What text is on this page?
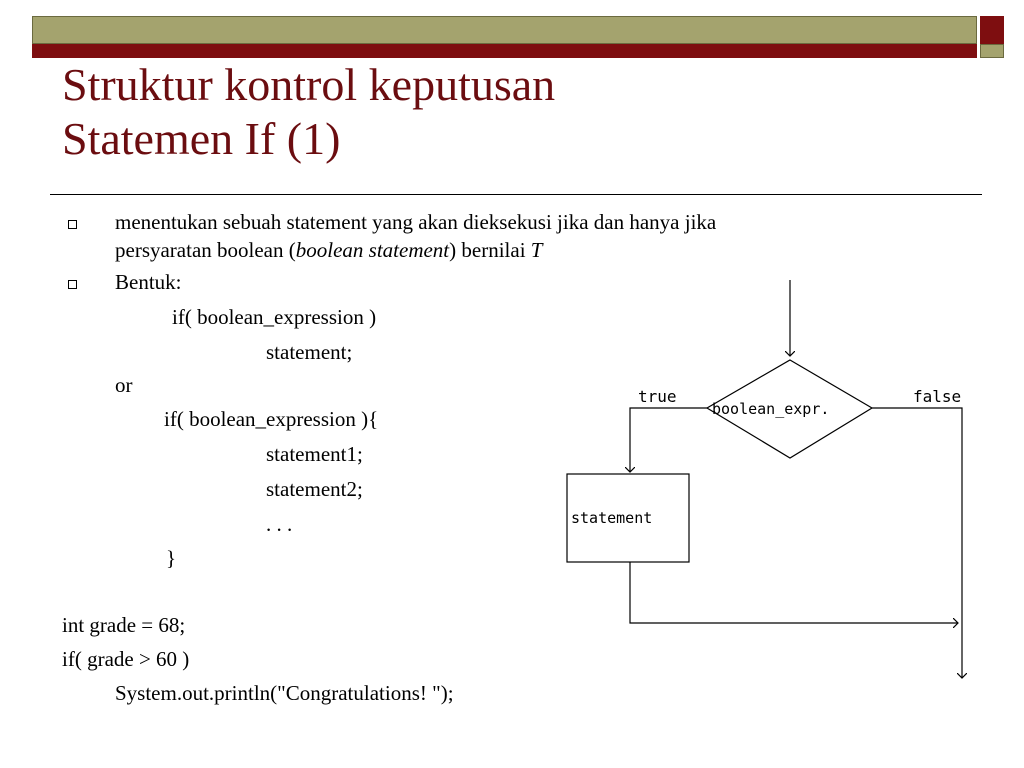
Struktur kontrol keputusan
Statemen If (1)
menentukan sebuah statement yang akan dieksekusi jika dan hanya jika
persyaratan boolean (boolean statement) bernilai T
Bentuk:
if( boolean_expression )
statement;
or
if( boolean_expression ){
statement1;
statement2;
. . .
}
int grade = 68;
if( grade > 60 )
System.out.println("Congratulations! ");
boolean_expr.
true
statement
false
